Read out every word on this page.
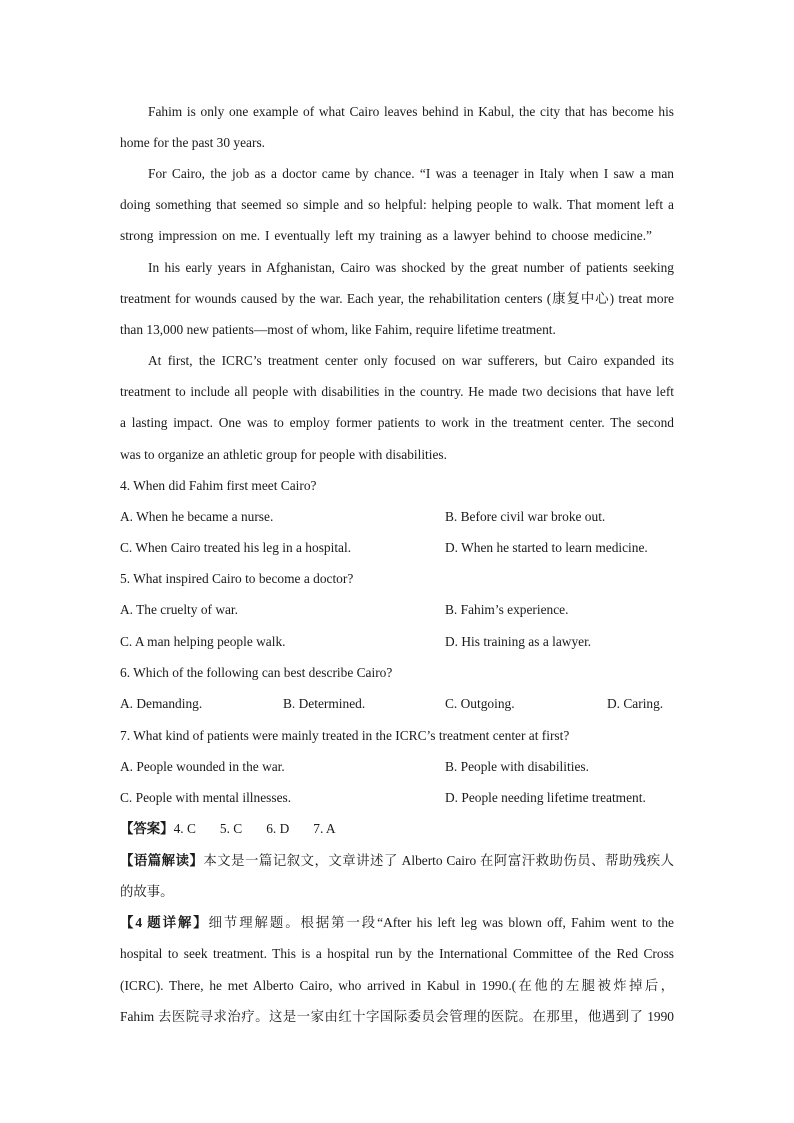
Fahim is only one example of what Cairo leaves behind in Kabul, the city that has become his
home for the past 30 years.
For Cairo, the job as a doctor came by chance. “I was a teenager in Italy when I saw a man
doing something that seemed so simple and so helpful: helping people to walk. That moment left a
strong impression on me. I eventually left my training as a lawyer behind to choose medicine.”
In his early years in Afghanistan, Cairo was shocked by the great number of patients seeking
treatment for wounds caused by the war. Each year, the rehabilitation centers (康复中心) treat more
than 13,000 new patients—most of whom, like Fahim, require lifetime treatment.
At first, the ICRC’s treatment center only focused on war sufferers, but Cairo expanded its
treatment to include all people with disabilities in the country. He made two decisions that have left
a lasting impact. One was to employ former patients to work in the treatment center. The second
was to organize an athletic group for people with disabilities.
4. When did Fahim first meet Cairo?
A. When he became a nurse.	B. Before civil war broke out.
C. When Cairo treated his leg in a hospital.	D. When he started to learn medicine.
5. What inspired Cairo to become a doctor?
A. The cruelty of war.	B. Fahim’s experience.
C. A man helping people walk.	D. His training as a lawyer.
6. Which of the following can best describe Cairo?
A. Demanding.	B. Determined.	C. Outgoing.	D. Caring.
7. What kind of patients were mainly treated in the ICRC’s treatment center at first?
A. People wounded in the war.	B. People with disabilities.
C. People with mental illnesses.	D. People needing lifetime treatment.
【答案】4. C 5. C 6. D 7. A
【语篇解读】本文是一篇记叙文，文章讲述了 Alberto Cairo 在阿富汗救助伤员、帮助残疾人
的故事。
【4 题详解】细节理解题。根据第一段“After his left leg was blown off, Fahim went to the
hospital to seek treatment. This is a hospital run by the International Committee of the Red Cross
(ICRC). There, he met Alberto Cairo, who arrived in Kabul in 1990.(在他的左腿被炸掉后，
Fahim 去医院寻求治疗。这是一家由红十字国际委员会管理的医院。在那里，他遇到了 1990
